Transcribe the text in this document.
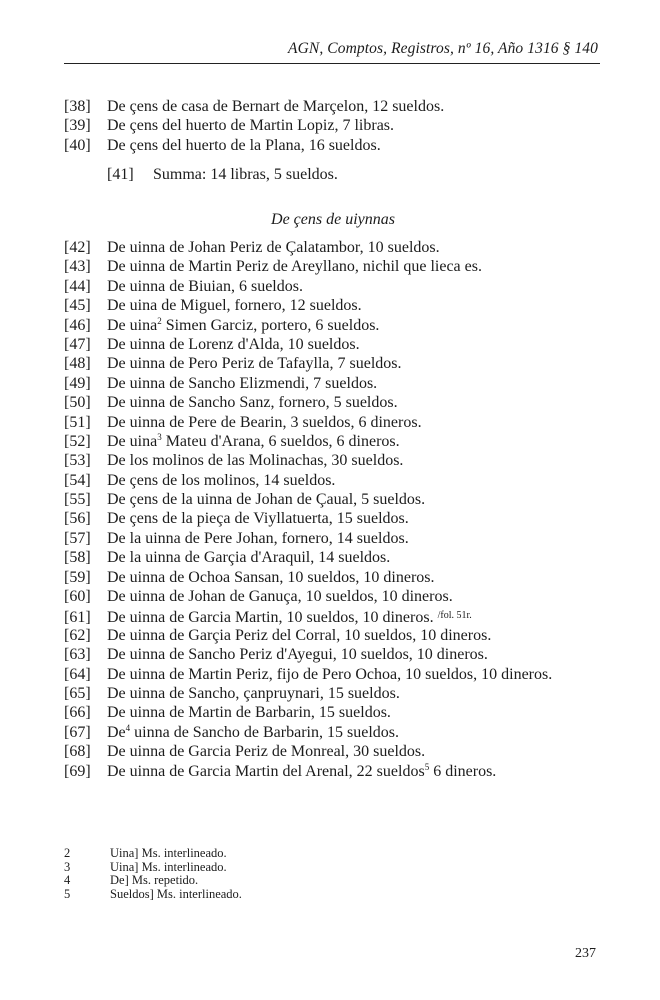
AGN, Comptos, Registros, nº 16, Año 1316 § 140
[38] De çens de casa de Bernart de Marçelon, 12 sueldos.
[39] De çens del huerto de Martin Lopiz, 7 libras.
[40] De çens del huerto de la Plana, 16 sueldos.
[41] Summa: 14 libras, 5 sueldos.
De çens de uiynnas
[42] De uinna de Johan Periz de Çalatambor, 10 sueldos.
[43] De uinna de Martin Periz de Areyllano, nichil que lieca es.
[44] De uinna de Biuian, 6 sueldos.
[45] De uina de Miguel, fornero, 12 sueldos.
[46] De uina$^2$ Simen Garciz, portero, 6 sueldos.
[47] De uinna de Lorenz d'Alda, 10 sueldos.
[48] De uinna de Pero Periz de Tafaylla, 7 sueldos.
[49] De uinna de Sancho Elizmendi, 7 sueldos.
[50] De uinna de Sancho Sanz, fornero, 5 sueldos.
[51] De uinna de Pere de Bearin, 3 sueldos, 6 dineros.
[52] De uina$^3$ Mateu d'Arana, 6 sueldos, 6 dineros.
[53] De los molinos de las Molinachas, 30 sueldos.
[54] De çens de los molinos, 14 sueldos.
[55] De çens de la uinna de Johan de Çaual, 5 sueldos.
[56] De çens de la pieça de Viyllatuerta, 15 sueldos.
[57] De la uinna de Pere Johan, fornero, 14 sueldos.
[58] De la uinna de Garçia d'Araquil, 14 sueldos.
[59] De uinna de Ochoa Sansan, 10 sueldos, 10 dineros.
[60] De uinna de Johan de Ganuça, 10 sueldos, 10 dineros.
[61] De uinna de Garcia Martin, 10 sueldos, 10 dineros. $^{/fol. 51r.}$
[62] De uinna de Garçia Periz del Corral, 10 sueldos, 10 dineros.
[63] De uinna de Sancho Periz d'Ayegui, 10 sueldos, 10 dineros.
[64] De uinna de Martin Periz, fijo de Pero Ochoa, 10 sueldos, 10 dineros.
[65] De uinna de Sancho, çanpruynari, 15 sueldos.
[66] De uinna de Martin de Barbarin, 15 sueldos.
[67] De$^4$ uinna de Sancho de Barbarin, 15 sueldos.
[68] De uinna de Garcia Periz de Monreal, 30 sueldos.
[69] De uinna de Garcia Martin del Arenal, 22 sueldos$^5$ 6 dineros.
2	Uina] Ms. interlineado.
3	Uina] Ms. interlineado.
4	De] Ms. repetido.
5	Sueldos] Ms. interlineado.
237
